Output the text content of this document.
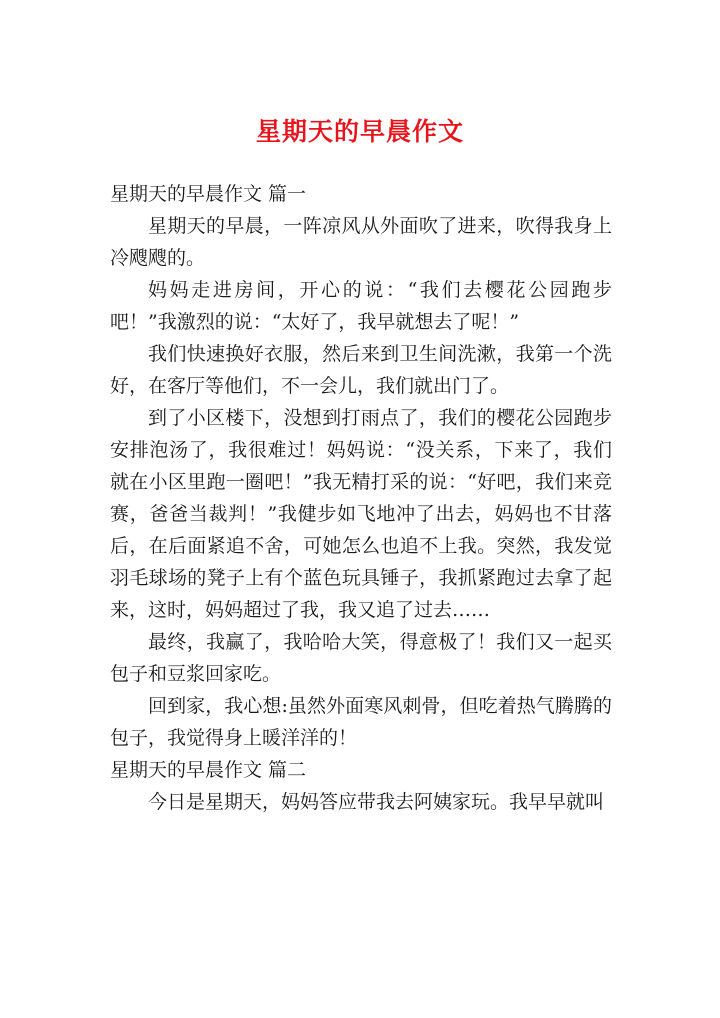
星期天的早晨作文
星期天的早晨作文 篇一

星期天的早晨，一阵凉风从外面吹了进来，吹得我身上冷飕飕的。

妈妈走进房间，开心的说：“我们去樱花公园跑步吧！”我激烈的说：“太好了，我早就想去了呢！”

我们快速换好衣服，然后来到卫生间洗漱，我第一个洗好，在客厅等他们，不一会儿，我们就出门了。

到了小区楼下，没想到打雨点了，我们的樱花公园跑步安排泡汤了，我很难过！妈妈说：“没关系，下来了，我们就在小区里跑一圈吧！”我无精打采的说：“好吧，我们来竞赛，爸爸当裁判！”我健步如飞地冲了出去，妈妈也不甘落后，在后面紧追不舍，可她怎么也追不上我。突然，我发觉羽毛球场的凳子上有个蓝色玩具锤子，我抓紧跑过去拿了起来，这时，妈妈超过了我，我又追了过去……

最终，我赢了，我哈哈大笑，得意极了！我们又一起买包子和豆浆回家吃。

回到家，我心想:虽然外面寒风刺骨，但吃着热气腾腾的包子，我觉得身上暖洋洋的！

星期天的早晨作文 篇二

今日是星期天，妈妈答应带我去阿姨家玩。我早早就叫
